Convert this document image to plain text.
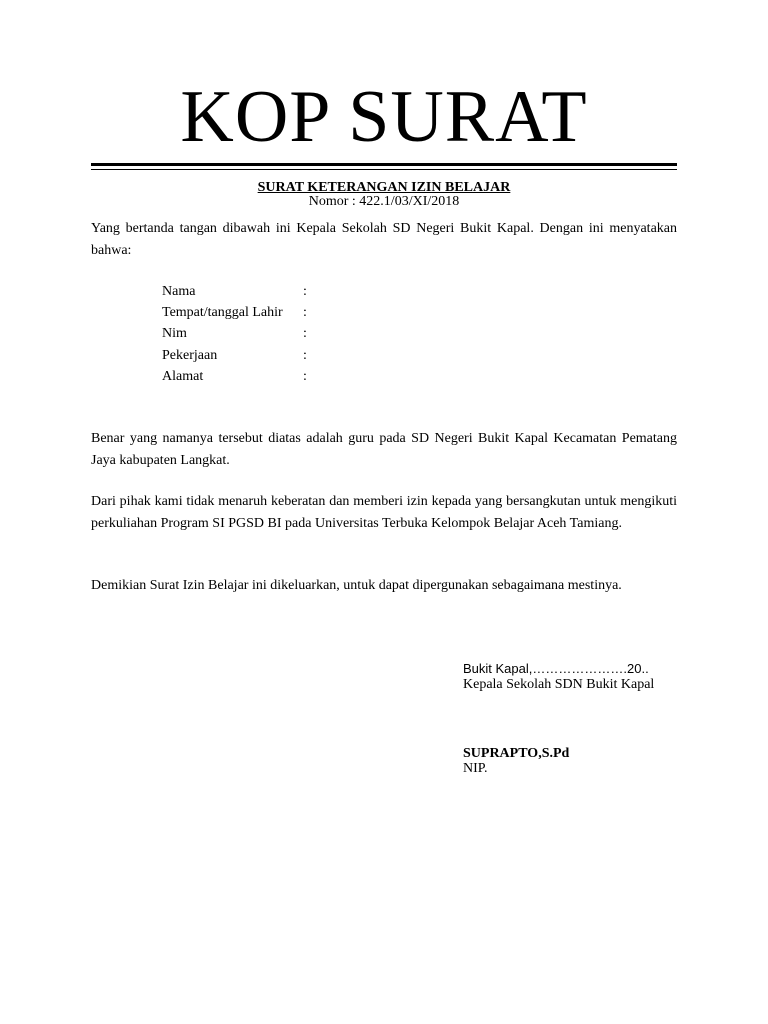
KOP SURAT
SURAT KETERANGAN IZIN BELAJAR
Nomor : 422.1/03/XI/2018

Yang bertanda tangan dibawah ini Kepala Sekolah SD Negeri Bukit Kapal. Dengan ini menyatakan bahwa:

Nama	:
Tempat/tanggal Lahir	:
Nim	:
Pekerjaan	:
Alamat	:

Benar yang namanya tersebut diatas adalah guru pada SD Negeri Bukit Kapal Kecamatan Pematang Jaya kabupaten Langkat.

Dari pihak kami tidak menaruh keberatan dan memberi izin kepada yang bersangkutan untuk mengikuti perkuliahan Program SI PGSD BI pada Universitas Terbuka Kelompok Belajar Aceh Tamiang.

Demikian Surat Izin Belajar ini dikeluarkan, untuk dapat dipergunakan sebagaimana mestinya.

Bukit Kapal,………………….20..
Kepala Sekolah SDN Bukit Kapal
SUPRAPTO,S.Pd
NIP.
